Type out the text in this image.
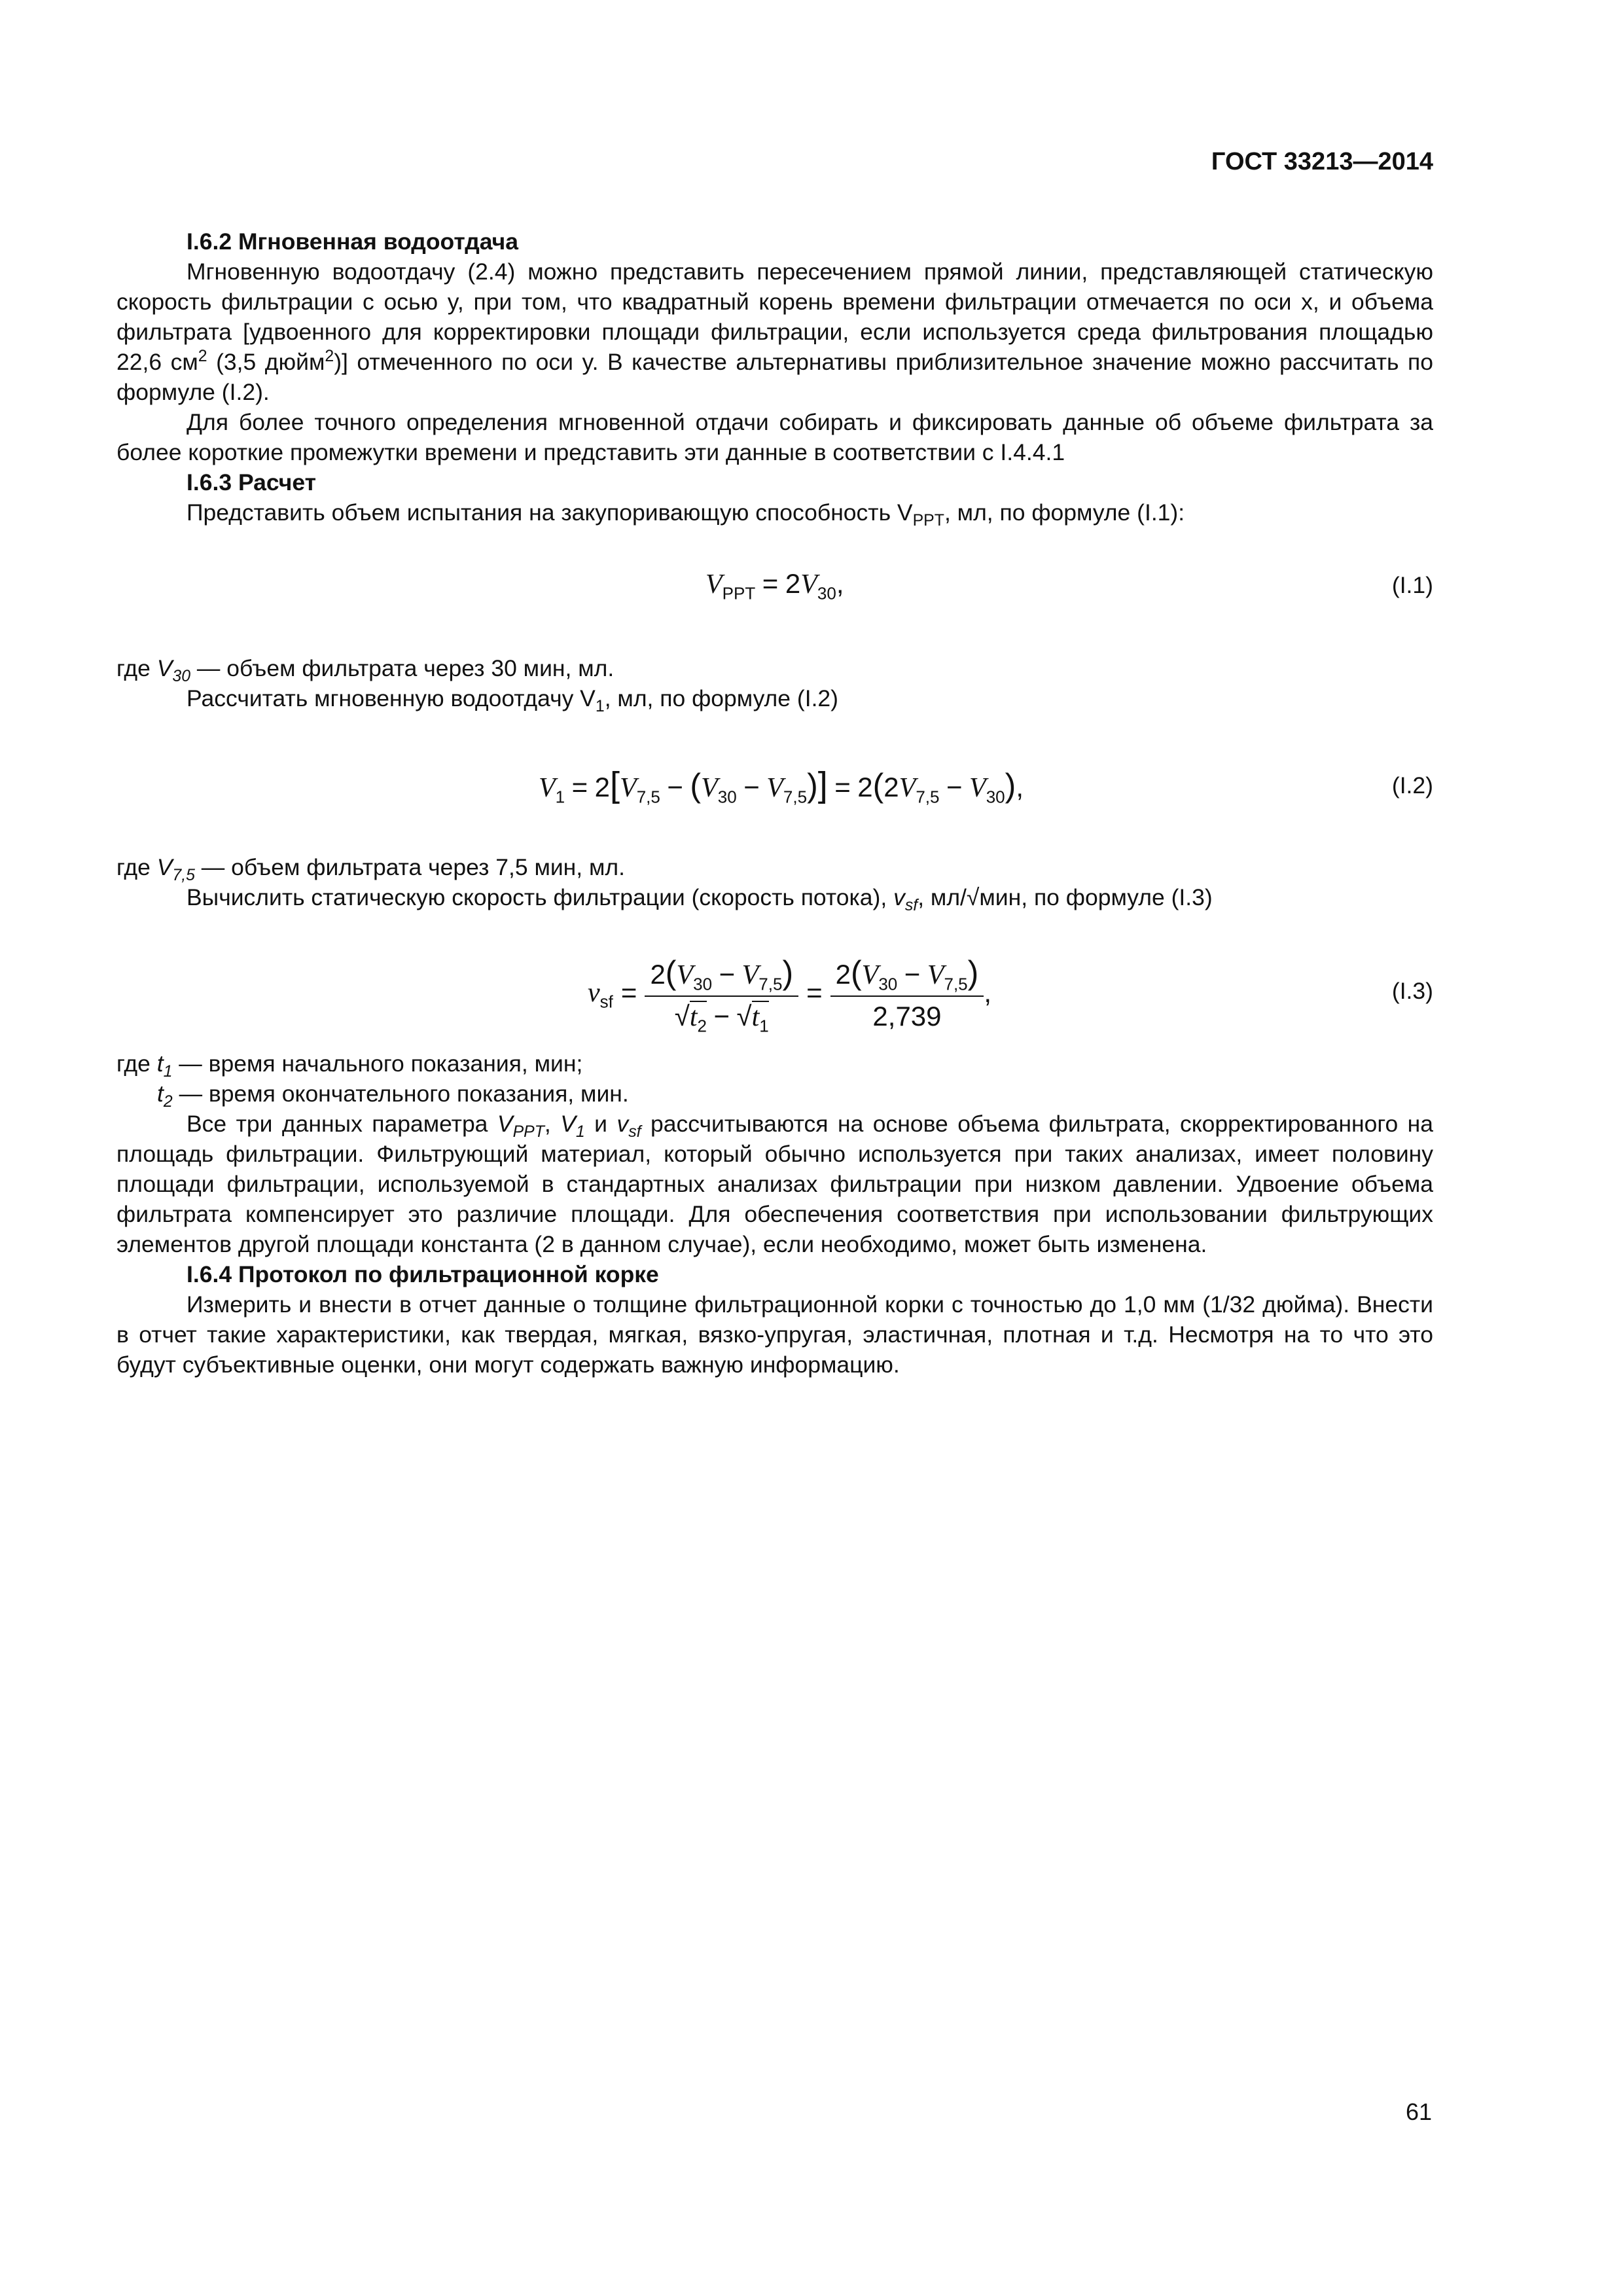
ГОСТ 33213—2014

I.6.2 Мгновенная водоотдача

Мгновенную водоотдачу (2.4) можно представить пересечением прямой линии, представляющей статическую скорость фильтрации с осью y, при том, что квадратный корень времени фильтрации отмечается по оси x, и объема фильтрата [удвоенного для корректировки площади фильтрации, если используется среда фильтрования площадью 22,6 $см^2$ (3,5 дюйм$^2$)] отмеченного по оси y. В качестве альтернативы приблизительное значение можно рассчитать по формуле (I.2).

Для более точного определения мгновенной отдачи собирать и фиксировать данные об объеме фильтрата за более короткие промежутки времени и представить эти данные в соответствии с I.4.4.1

I.6.3 Расчет

Представить объем испытания на закупоривающую способность $V_{PPT}$, мл, по формуле (I.1):

$V_{PPT} = 2V_{30}$,	(I.1)

где $V_{30}$ — объем фильтрата через 30 мин, мл.

Рассчитать мгновенную водоотдачу $V_1$, мл, по формуле (I.2)

$V_1 = 2[V_{7,5} - (V_{30} - V_{7,5})] = 2(2V_{7,5} - V_{30})$,	(I.2)

где $V_{7,5}$ — объем фильтрата через 7,5 мин, мл.

Вычислить статическую скорость фильтрации (скорость потока), $v_{sf}$, мл/√мин, по формуле (I.3)

$v_{sf} = \frac{2(V_{30} - V_{7,5})}{√t_2 - √t_1} = \frac{2(V_{30} - V_{7,5})}{2,739}$ ,	(I.3)

где $t_1$ — время начального показания, мин;

$t_2$ — время окончательного показания, мин.

Все три данных параметра $V_{PPT}$, $V_1$ и $v_{sf}$ рассчитываются на основе объема фильтрата, скорректированного на площадь фильтрации. Фильтрующий материал, который обычно используется при таких анализах, имеет половину площади фильтрации, используемой в стандартных анализах фильтрации при низком давлении. Удвоение объема фильтрата компенсирует это различие площади. Для обеспечения соответствия при использовании фильтрующих элементов другой площади константа (2 в данном случае), если необходимо, может быть изменена.

I.6.4 Протокол по фильтрационной корке

Измерить и внести в отчет данные о толщине фильтрационной корки с точностью до 1,0 мм (1/32 дюйма). Внести в отчет такие характеристики, как твердая, мягкая, вязко-упругая, эластичная, плотная и т.д. Несмотря на то что это будут субъективные оценки, они могут содержать важную информацию.

61
